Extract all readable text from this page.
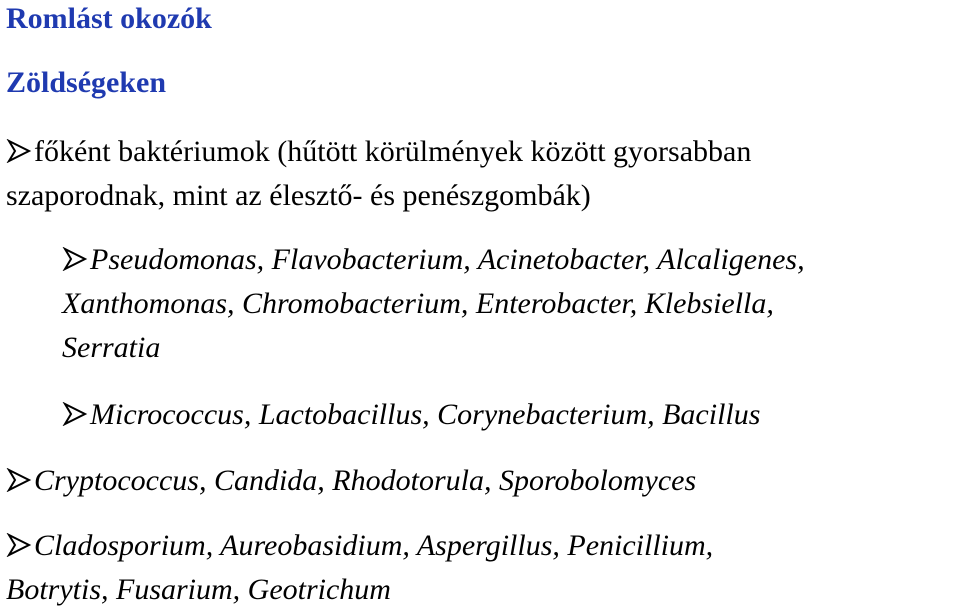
Romlást okozók
Zöldségeken
főként baktériumok (hűtött körülmények között gyorsabban
szaporodnak, mint az élesztő- és penészgombák)
Pseudomonas, Flavobacterium, Acinetobacter, Alcaligenes,
Xanthomonas, Chromobacterium, Enterobacter, Klebsiella,
Serratia
Micrococcus, Lactobacillus, Corynebacterium, Bacillus
Cryptococcus, Candida, Rhodotorula, Sporobolomyces
Cladosporium, Aureobasidium, Aspergillus, Penicillium,
Botrytis, Fusarium, Geotrichum
